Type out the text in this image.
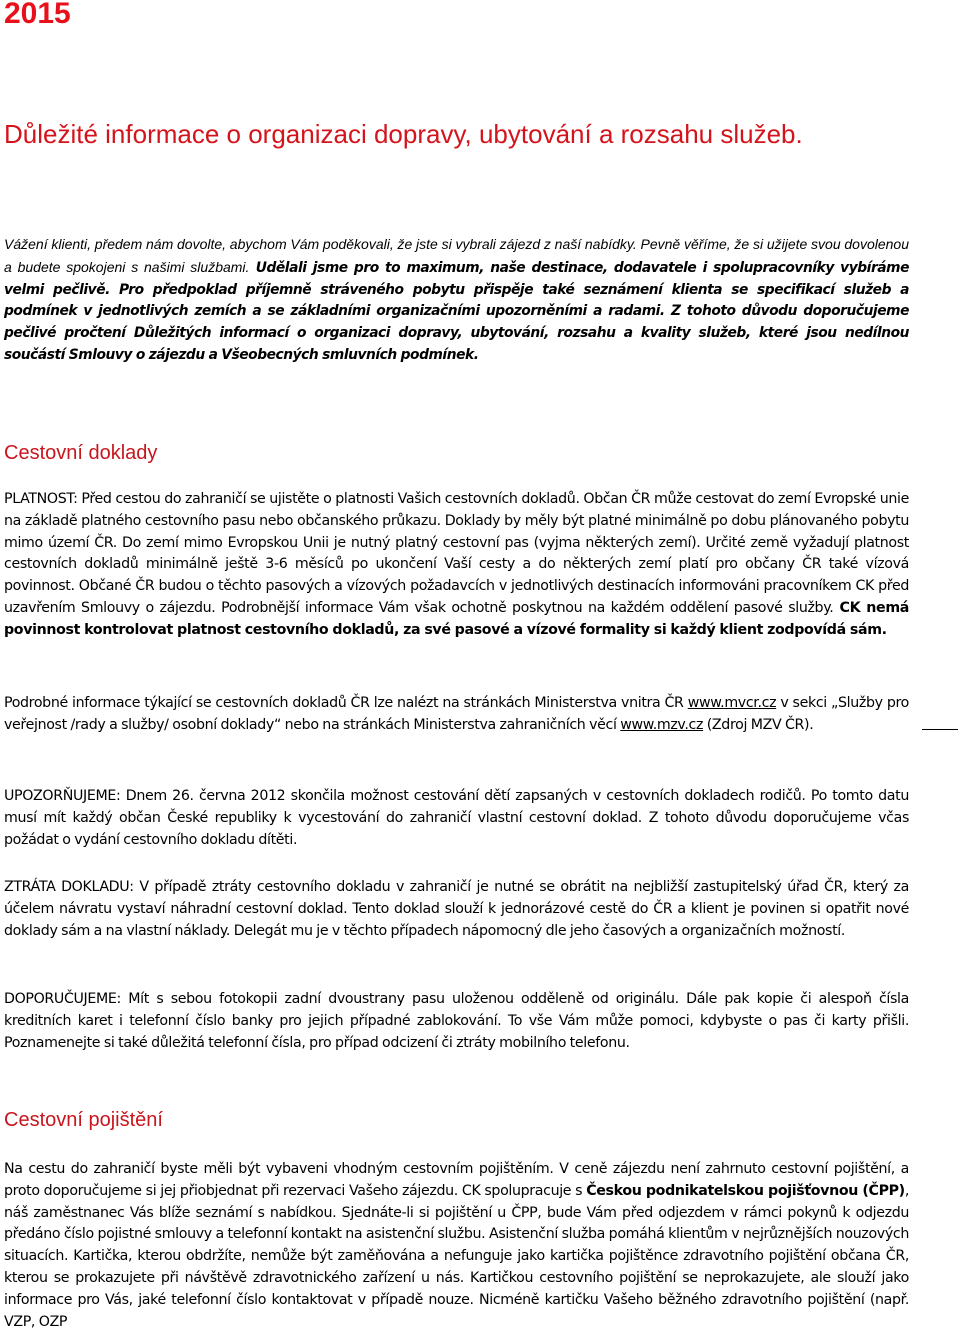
2015
Důležité informace o organizaci dopravy, ubytování a rozsahu služeb.

Vážení klienti, předem nám dovolte, abychom Vám poděkovali, že jste si vybrali zájezd z naší nabídky. Pevně věříme, že si užijete svou dovolenou a budete spokojeni s našimi službami. Udělali jsme pro to maximum, naše destinace, dodavatele i spolupracovníky vybíráme velmi pečlivě. Pro předpoklad příjemně stráveného pobytu přispěje také seznámení klienta se specifikací služeb a podmínek v jednotlivých zemích a se základními organizačními upozorněními a radami. Z tohoto důvodu doporučujeme pečlivé pročtení Důležitých informací o organizaci dopravy, ubytování, rozsahu a kvality služeb, které jsou nedílnou součástí Smlouvy o zájezdu a Všeobecných smluvních podmínek.

Cestovní doklady

PLATNOST: Před cestou do zahraničí se ujistěte o platnosti Vašich cestovních dokladů. Občan ČR může cestovat do zemí Evropské unie na základě platného cestovního pasu nebo občanského průkazu. Doklady by měly být platné minimálně po dobu plánovaného pobytu mimo území ČR. Do zemí mimo Evropskou Unii je nutný platný cestovní pas (vyjma některých zemí). Určité země vyžadují platnost cestovních dokladů minimálně ještě 3-6 měsíců po ukončení Vaší cesty a do některých zemí platí pro občany ČR také vízová povinnost. Občané ČR budou o těchto pasových a vízových požadavcích v jednotlivých destinacích informováni pracovníkem CK před uzavřením Smlouvy o zájezdu. Podrobnější informace Vám však ochotně poskytnou na každém oddělení pasové služby. CK nemá povinnost kontrolovat platnost cestovního dokladů, za své pasové a vízové formality si každý klient zodpovídá sám.

Podrobné informace týkající se cestovních dokladů ČR lze nalézt na stránkách Ministerstva vnitra ČR www.mvcr.cz v sekci „Služby pro veřejnost /rady a služby/ osobní doklady“ nebo na stránkách Ministerstva zahraničních věcí www.mzv.cz (Zdroj MZV ČR).

UPOZORŇUJEME: Dnem 26. června 2012 skončila možnost cestování dětí zapsaných v cestovních dokladech rodičů. Po tomto datu musí mít každý občan České republiky k vycestování do zahraničí vlastní cestovní doklad. Z tohoto důvodu doporučujeme včas požádat o vydání cestovního dokladu dítěti.

ZTRÁTA DOKLADU: V případě ztráty cestovního dokladu v zahraničí je nutné se obrátit na nejbližší zastupitelský úřad ČR, který za účelem návratu vystaví náhradní cestovní doklad. Tento doklad slouží k jednorázové cestě do ČR a klient je povinen si opatřit nové doklady sám a na vlastní náklady. Delegát mu je v těchto případech nápomocný dle jeho časových a organizačních možností.

DOPORUČUJEME: Mít s sebou fotokopii zadní dvoustrany pasu uloženou odděleně od originálu. Dále pak kopie či alespoň čísla kreditních karet i telefonní číslo banky pro jejich případné zablokování. To vše Vám může pomoci, kdybyste o pas či karty přišli. Poznamenejte si také důležitá telefonní čísla, pro případ odcizení či ztráty mobilního telefonu.

Cestovní pojištění

Na cestu do zahraničí byste měli být vybaveni vhodným cestovním pojištěním. V ceně zájezdu není zahrnuto cestovní pojištění, a proto doporučujeme si jej přiobjednat při rezervaci Vašeho zájezdu. CK spolupracuje s Českou podnikatelskou pojišťovnou (ČPP), náš zaměstnanec Vás blíže seznámí s nabídkou. Sjednáte-li si pojištění u ČPP, bude Vám před odjezdem v rámci pokynů k odjezdu předáno číslo pojistné smlouvy a telefonní kontakt na asistenční službu. Asistenční služba pomáhá klientům v nejrůznějších nouzových situacích. Kartička, kterou obdržíte, nemůže být zaměňována a nefunguje jako kartička pojištěnce zdravotního pojištění občana ČR, kterou se prokazujete při návštěvě zdravotnického zařízení u nás. Kartičkou cestovního pojištění se neprokazujete, ale slouží jako informace pro Vás, jaké telefonní číslo kontaktovat v případě nouze. Nicméně kartičku Vašeho běžného zdravotního pojištění (např. VZP, OZP
